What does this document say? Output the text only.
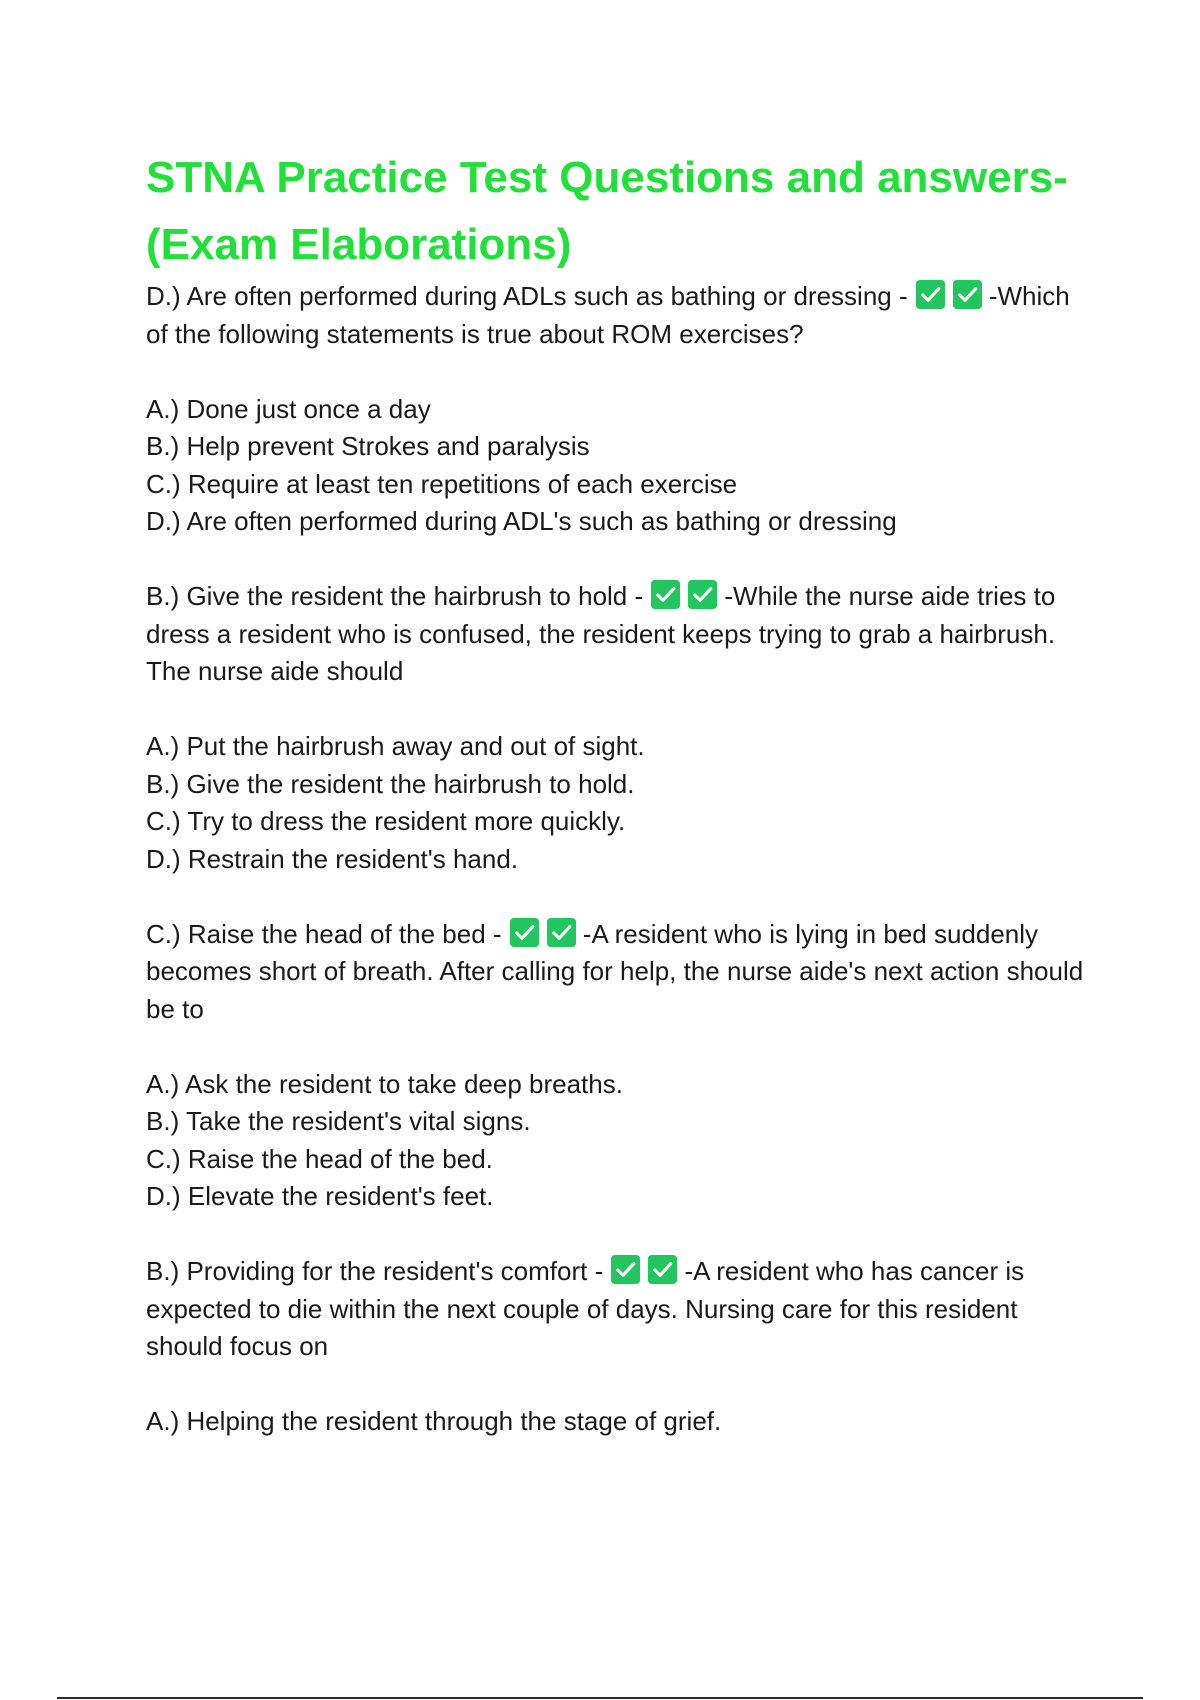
STNA Practice Test Questions and answers- (Exam Elaborations)

D.) Are often performed during ADLs such as bathing or dressing -	-Which of the following statements is true about ROM exercises?

A.) Done just once a day
B.) Help prevent Strokes and paralysis
C.) Require at least ten repetitions of each exercise
D.) Are often performed during ADL's such as bathing or dressing

B.) Give the resident the hairbrush to hold -	-While the nurse aide tries to dress a resident who is confused, the resident keeps trying to grab a hairbrush. The nurse aide should

A.) Put the hairbrush away and out of sight.
B.) Give the resident the hairbrush to hold.
C.) Try to dress the resident more quickly.
D.) Restrain the resident's hand.

C.) Raise the head of the bed -	-A resident who is lying in bed suddenly becomes short of breath. After calling for help, the nurse aide's next action should be to

A.) Ask the resident to take deep breaths.
B.) Take the resident's vital signs.
C.) Raise the head of the bed.
D.) Elevate the resident's feet.

B.) Providing for the resident's comfort -	-A resident who has cancer is expected to die within the next couple of days. Nursing care for this resident should focus on

A.) Helping the resident through the stage of grief.
